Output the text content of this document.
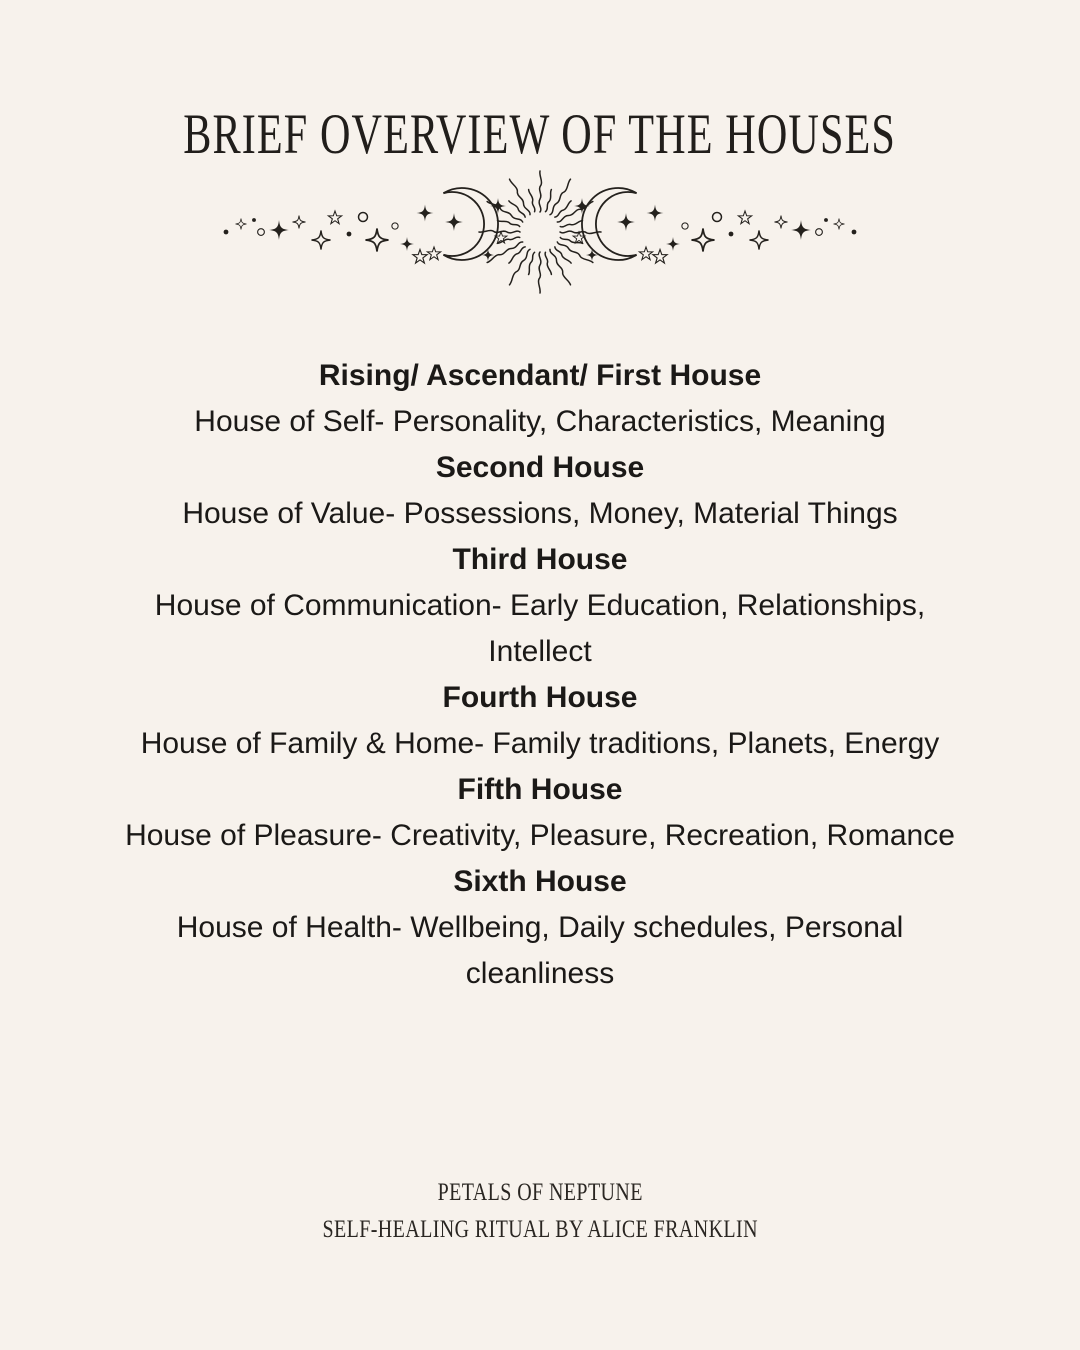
BRIEF OVERVIEW OF THE HOUSES
Rising/ Ascendant/ First House

House of Self- Personality, Characteristics, Meaning

Second House

House of Value- Possessions, Money, Material Things

Third House

House of Communication- Early Education, Relationships, Intellect

Fourth House

House of Family & Home- Family traditions, Planets, Energy

Fifth House

House of Pleasure- Creativity, Pleasure, Recreation, Romance

Sixth House

House of Health- Wellbeing, Daily schedules, Personal cleanliness

PETALS OF NEPTUNE
SELF-HEALING RITUAL BY ALICE FRANKLIN
